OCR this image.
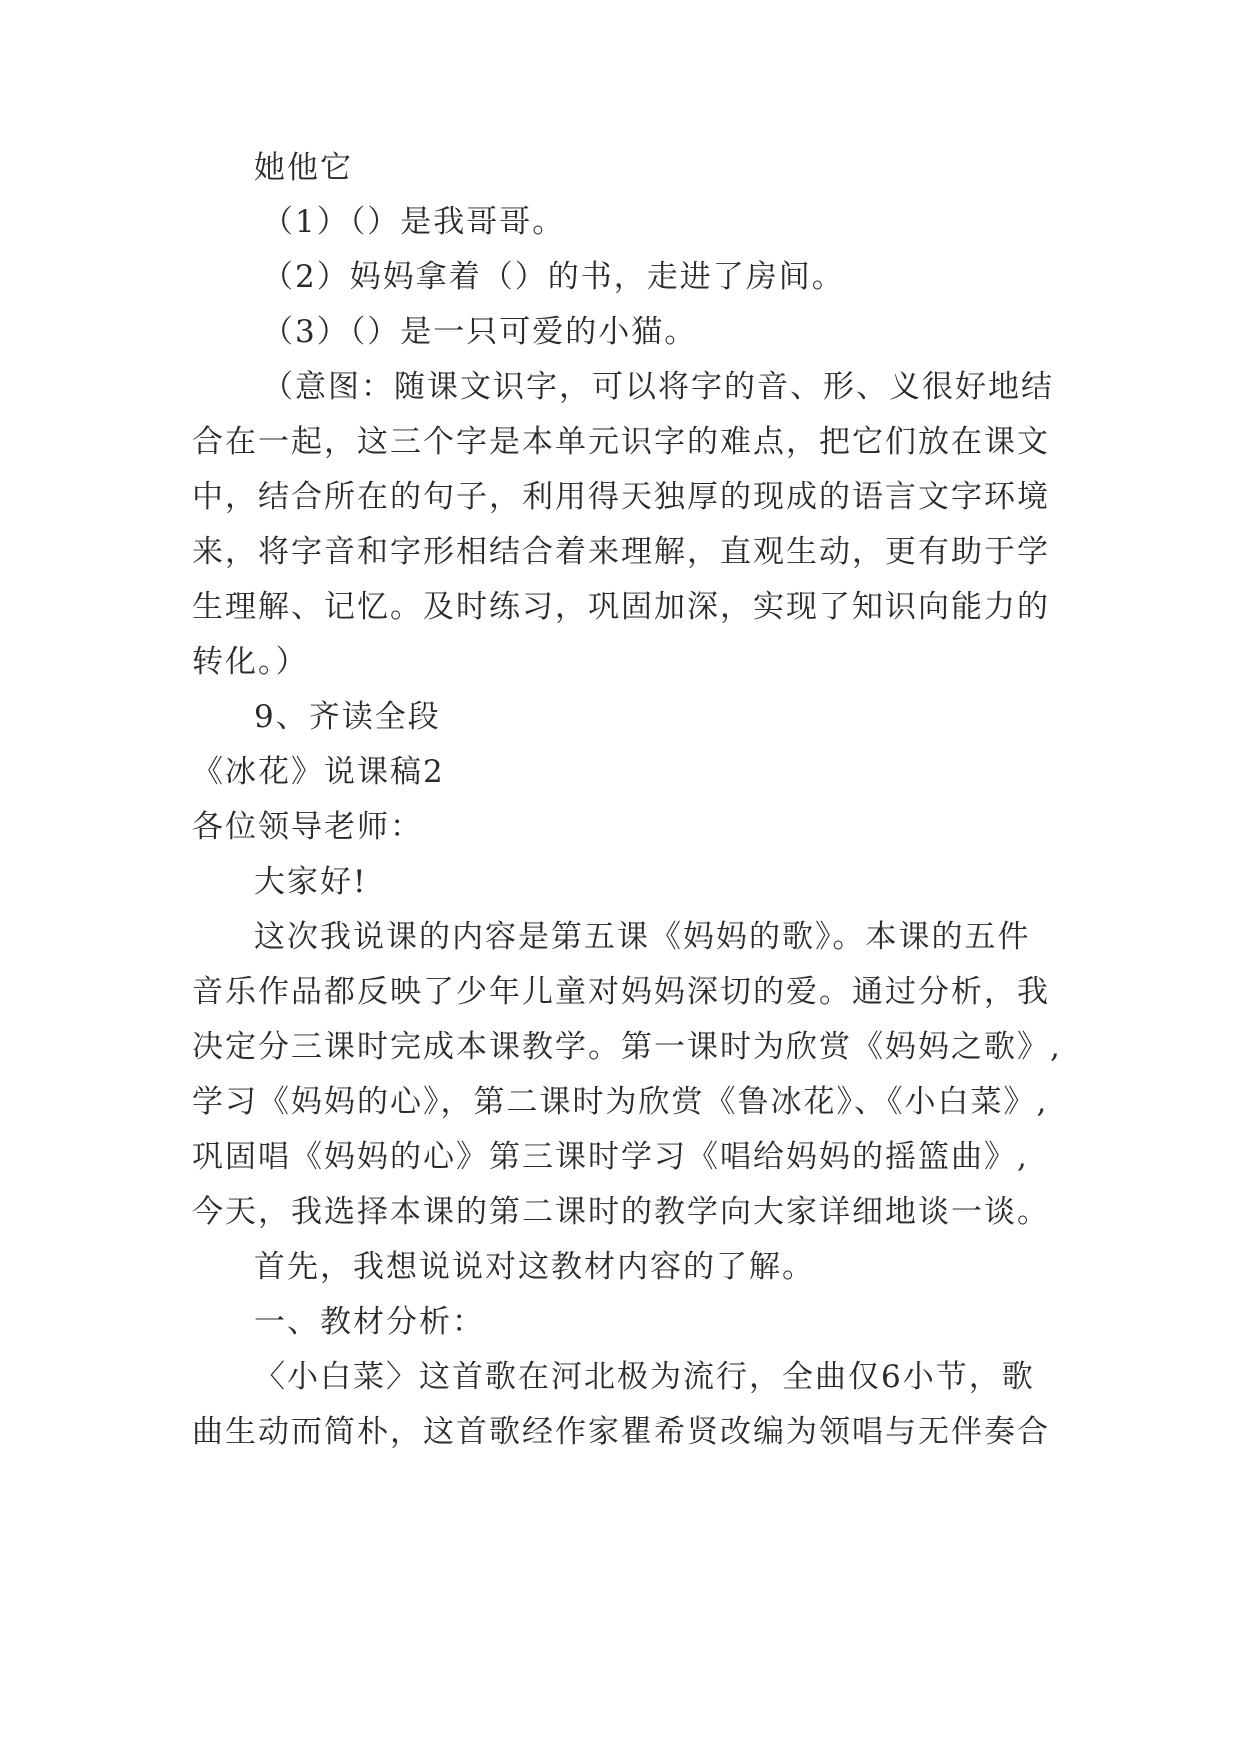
她他它
（1）（）是我哥哥。
（2）妈妈拿着（）的书，走进了房间。
（3）（）是一只可爱的小猫。
（意图：随课文识字，可以将字的音、形、义很好地结
合在一起，这三个字是本单元识字的难点，把它们放在课文
中，结合所在的句子，利用得天独厚的现成的语言文字环境
来，将字音和字形相结合着来理解，直观生动，更有助于学
生理解、记忆。及时练习，巩固加深，实现了知识向能力的
转化。）
9、齐读全段
《冰花》说课稿2
各位领导老师：
大家好!
这次我说课的内容是第五课《妈妈的歌》。本课的五件
音乐作品都反映了少年儿童对妈妈深切的爱。通过分析，我
决定分三课时完成本课教学。第一课时为欣赏《妈妈之歌》,
学习《妈妈的心》，第二课时为欣赏《鲁冰花》、《小白菜》,
巩固唱《妈妈的心》第三课时学习《唱给妈妈的摇篮曲》,
今天，我选择本课的第二课时的教学向大家详细地谈一谈。
首先，我想说说对这教材内容的了解。
一、教材分析：
〈小白菜〉这首歌在河北极为流行，全曲仅6小节，歌
曲生动而简朴，这首歌经作家瞿希贤改编为领唱与无伴奏合
